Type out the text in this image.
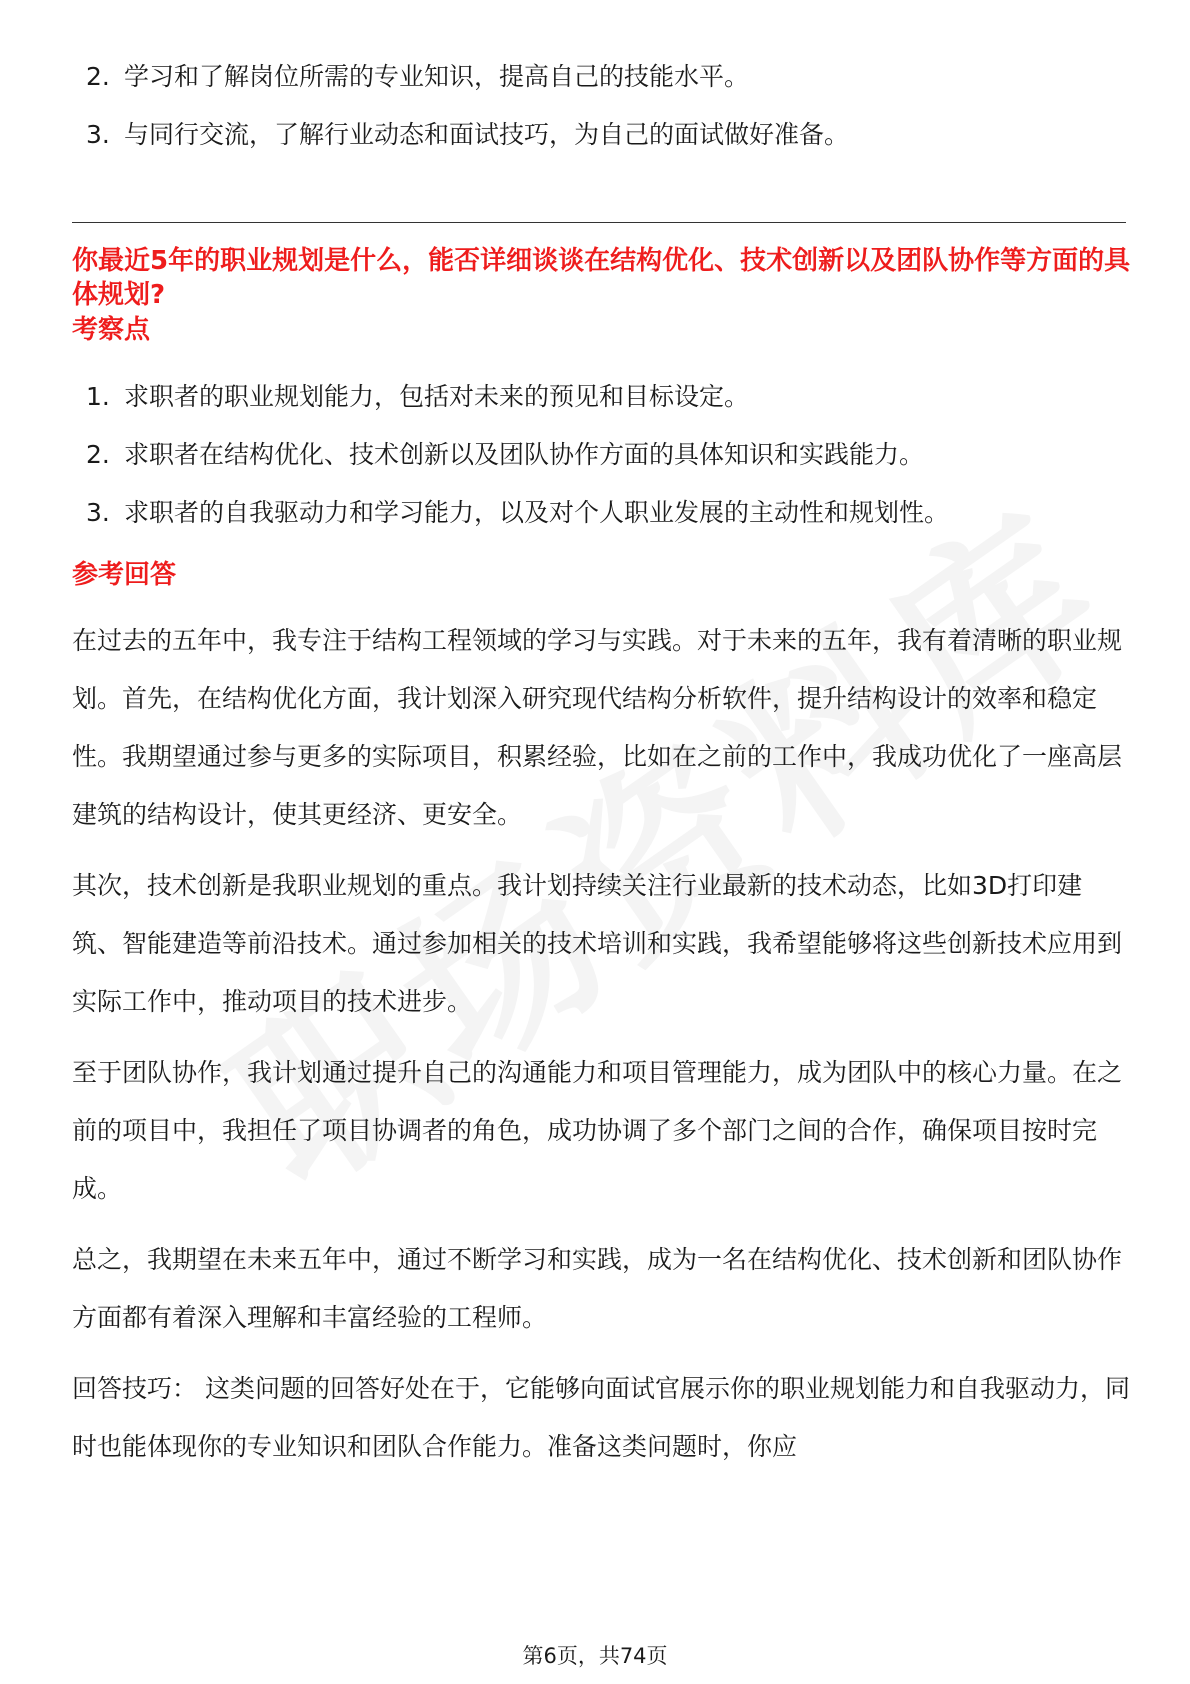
2. 学习和了解岗位所需的专业知识，提高自己的技能水平。
3. 与同行交流，了解行业动态和面试技巧，为自己的面试做好准备。
你最近5年的职业规划是什么，能否详细谈谈在结构优化、技术创新以及团队协作等方面的具体规划?
考察点
1. 求职者的职业规划能力，包括对未来的预见和目标设定。
2. 求职者在结构优化、技术创新以及团队协作方面的具体知识和实践能力。
3. 求职者的自我驱动力和学习能力，以及对个人职业发展的主动性和规划性。
参考回答

在过去的五年中，我专注于结构工程领域的学习与实践。对于未来的五年，我有着清晰的职业规划。首先，在结构优化方面，我计划深入研究现代结构分析软件，提升结构设计的效率和稳定性。我期望通过参与更多的实际项目，积累经验，比如在之前的工作中，我成功优化了一座高层建筑的结构设计，使其更经济、更安全。

其次，技术创新是我职业规划的重点。我计划持续关注行业最新的技术动态，比如3D打印建筑、智能建造等前沿技术。通过参加相关的技术培训和实践，我希望能够将这些创新技术应用到实际工作中，推动项目的技术进步。

至于团队协作，我计划通过提升自己的沟通能力和项目管理能力，成为团队中的核心力量。在之前的项目中，我担任了项目协调者的角色，成功协调了多个部门之间的合作，确保项目按时完成。

总之，我期望在未来五年中，通过不断学习和实践，成为一名在结构优化、技术创新和团队协作方面都有着深入理解和丰富经验的工程师。

回答技巧： 这类问题的回答好处在于，它能够向面试官展示你的职业规划能力和自我驱动力，同时也能体现你的专业知识和团队合作能力。准备这类问题时，你应

第6页，共74页
